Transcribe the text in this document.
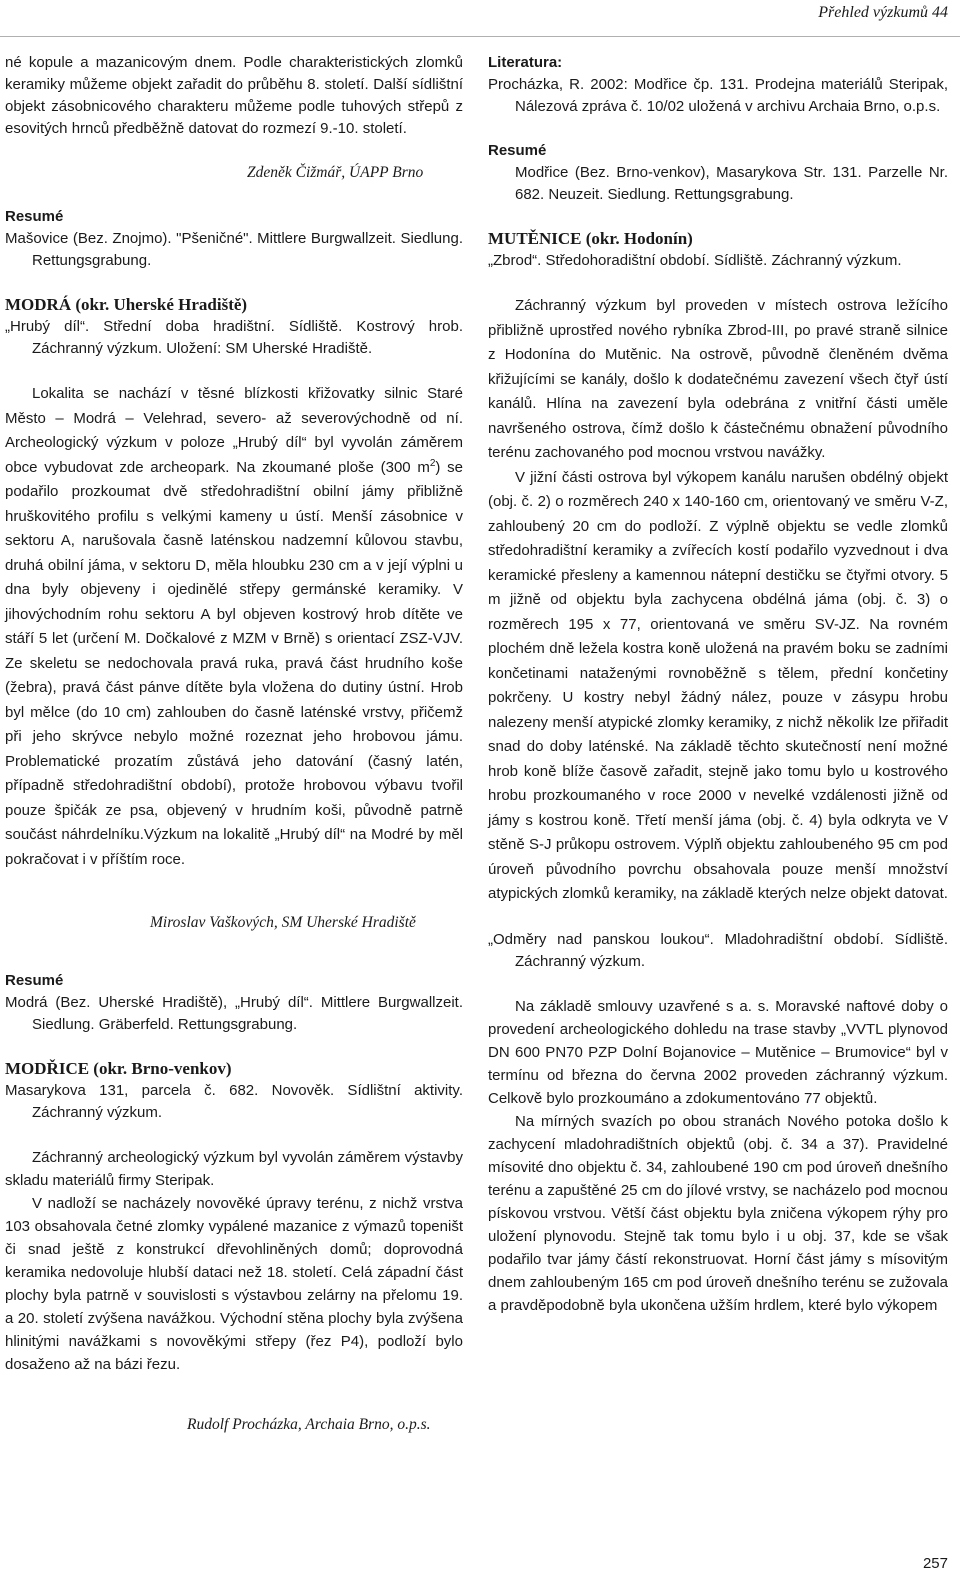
Přehled výzkumů 44

né kopule a mazanicovým dnem. Podle charakteristických zlomků keramiky můžeme objekt zařadit do průběhu 8. století. Další sídlištní objekt zásobnicového charakteru můžeme podle tuhových střepů z esovitých hrnců předběžně datovat do rozmezí 9.-10. století.

Zdeněk Čižmář, ÚAPP Brno

Resumé

Mašovice (Bez. Znojmo). "Pšeničné". Mittlere Burgwallzeit. Siedlung. Rettungsgrabung.

MODRÁ (okr. Uherské Hradiště)

„Hrubý díl“. Střední doba hradištní. Sídliště. Kostrový hrob. Záchranný výzkum. Uložení: SM Uherské Hradiště.

Lokalita se nachází v těsné blízkosti křižovatky silnic Staré Město – Modrá – Velehrad, severo- až severovýchodně od ní. Archeologický výzkum v poloze „Hrubý díl“ byl vyvolán záměrem obce vybudovat zde archeopark. Na zkoumané ploše (300 $m^2$) se podařilo prozkoumat dvě středohradištní obilní jámy přibližně hruškovitého profilu s velkými kameny u ústí. Menší zásobnice v sektoru A, narušovala časně laténskou nadzemní kůlovou stavbu, druhá obilní jáma, v sektoru D, měla hloubku 230 cm a v její výplni u dna byly objeveny i ojedinělé střepy germánské keramiky. V jihovýchodním rohu sektoru A byl objeven kostrový hrob dítěte ve stáří 5 let (určení M. Dočkalové z MZM v Brně) s orientací ZSZ-VJV. Ze skeletu se nedochovala pravá ruka, pravá část hrudního koše (žebra), pravá část pánve dítěte byla vložena do dutiny ústní. Hrob byl mělce (do 10 cm) zahlouben do časně laténské vrstvy, přičemž při jeho skrývce nebylo možné rozeznat jeho hrobovou jámu. Problematické prozatím zůstává jeho datování (časný latén, případně středohradištní období), protože hrobovou výbavu tvořil pouze špičák ze psa, objevený v hrudním koši, původně patrně součást náhrdelníku.Výzkum na lokalitě „Hrubý díl“ na Modré by měl pokračovat i v příštím roce.

Miroslav Vaškových, SM Uherské Hradiště

Resumé

Modrá (Bez. Uherské Hradiště), „Hrubý díl“. Mittlere Burgwallzeit. Siedlung. Gräberfeld. Rettungsgrabung.

MODŘICE (okr. Brno-venkov)

Masarykova 131, parcela č. 682. Novověk. Sídlištní aktivity. Záchranný výzkum.

Záchranný archeologický výzkum byl vyvolán záměrem výstavby skladu materiálů firmy Steripak.

V nadloží se nacházely novověké úpravy terénu, z nichž vrstva 103 obsahovala četné zlomky vypálené mazanice z výmazů topeništ či snad ještě z konstrukcí dřevohliněných domů; doprovodná keramika nedovoluje hlubší dataci než 18. století. Celá západní část plochy byla patrně v souvislosti s výstavbou zelárny na přelomu 19. a 20. století zvýšena navážkou. Východní stěna plochy byla zvýšena hlinitými navážkami s novověkými střepy (řez P4), podloží bylo dosaženo až na bázi řezu.

Rudolf Procházka, Archaia Brno, o.p.s.

Literatura:

Procházka, R. 2002: Modřice čp. 131. Prodejna materiálů Steripak, Nálezová zpráva č. 10/02 uložená v archivu Archaia Brno, o.p.s.

Resumé

Modřice (Bez. Brno-venkov), Masarykova Str. 131. Parzelle Nr. 682. Neuzeit. Siedlung. Rettungsgrabung.

MUTĚNICE (okr. Hodonín)

„Zbrod“. Středohoradištní období. Sídliště. Záchranný výzkum.

Záchranný výzkum byl proveden v místech ostrova ležícího přibližně uprostřed nového rybníka Zbrod-III, po pravé straně silnice z Hodonína do Mutěnic. Na ostrově, původně členěném dvěma křižujícími se kanály, došlo k dodatečnému zavezení všech čtyř ústí kanálů. Hlína na zavezení byla odebrána z vnitřní části uměle navršeného ostrova, čímž došlo k částečnému obnažení původního terénu zachovaného pod mocnou vrstvou navážky.

V jižní části ostrova byl výkopem kanálu narušen obdélný objekt (obj. č. 2) o rozměrech 240 x 140-160 cm, orientovaný ve směru V-Z, zahloubený 20 cm do podloží. Z výplně objektu se vedle zlomků středohradištní keramiky a zvířecích kostí podařilo vyzvednout i dva keramické přesleny a kamennou nátepní destičku se čtyřmi otvory. 5 m jižně od objektu byla zachycena obdélná jáma (obj. č. 3) o rozměrech 195 x 77, orientovaná ve směru SV-JZ. Na rovném plochém dně ležela kostra koně uložená na pravém boku se zadními končetinami nataženými rovnoběžně s tělem, přední končetiny pokrčeny. U kostry nebyl žádný nález, pouze v zásypu hrobu nalezeny menší atypické zlomky keramiky, z nichž několik lze přiřadit snad do doby laténské. Na základě těchto skutečností není možné hrob koně blíže časově zařadit, stejně jako tomu bylo u kostrového hrobu prozkoumaného v roce 2000 v nevelké vzdálenosti jižně od jámy s kostrou koně. Třetí menší jáma (obj. č. 4) byla odkryta ve V stěně S-J průkopu ostrovem. Výplň objektu zahloubeného 95 cm pod úroveň původního povrchu obsahovala pouze menší množství atypických zlomků keramiky, na základě kterých nelze objekt datovat.

„Odměry nad panskou loukou“. Mladohradištní období. Sídliště. Záchranný výzkum.

Na základě smlouvy uzavřené s a. s. Moravské naftové doby o provedení archeologického dohledu na trase stavby „VVTL plynovod DN 600 PN70 PZP Dolní Bojanovice – Mutěnice – Brumovice“ byl v termínu od března do června 2002 proveden záchranný výzkum. Celkově bylo prozkoumáno a zdokumentováno 77 objektů.

Na mírných svazích po obou stranách Nového potoka došlo k zachycení mladohradištních objektů (obj. č. 34 a 37). Pravidelné mísovité dno objektu č. 34, zahloubené 190 cm pod úroveň dnešního terénu a zapuštěné 25 cm do jílové vrstvy, se nacházelo pod mocnou pískovou vrstvou. Větší část objektu byla zničena výkopem rýhy pro uložení plynovodu. Stejně tak tomu bylo i u obj. 37, kde se však podařilo tvar jámy částí rekonstruovat. Horní část jámy s mísovitým dnem zahloubeným 165 cm pod úroveň dnešního terénu se zužovala a pravděpodobně byla ukončena užším hrdlem, které bylo výkopem

257
